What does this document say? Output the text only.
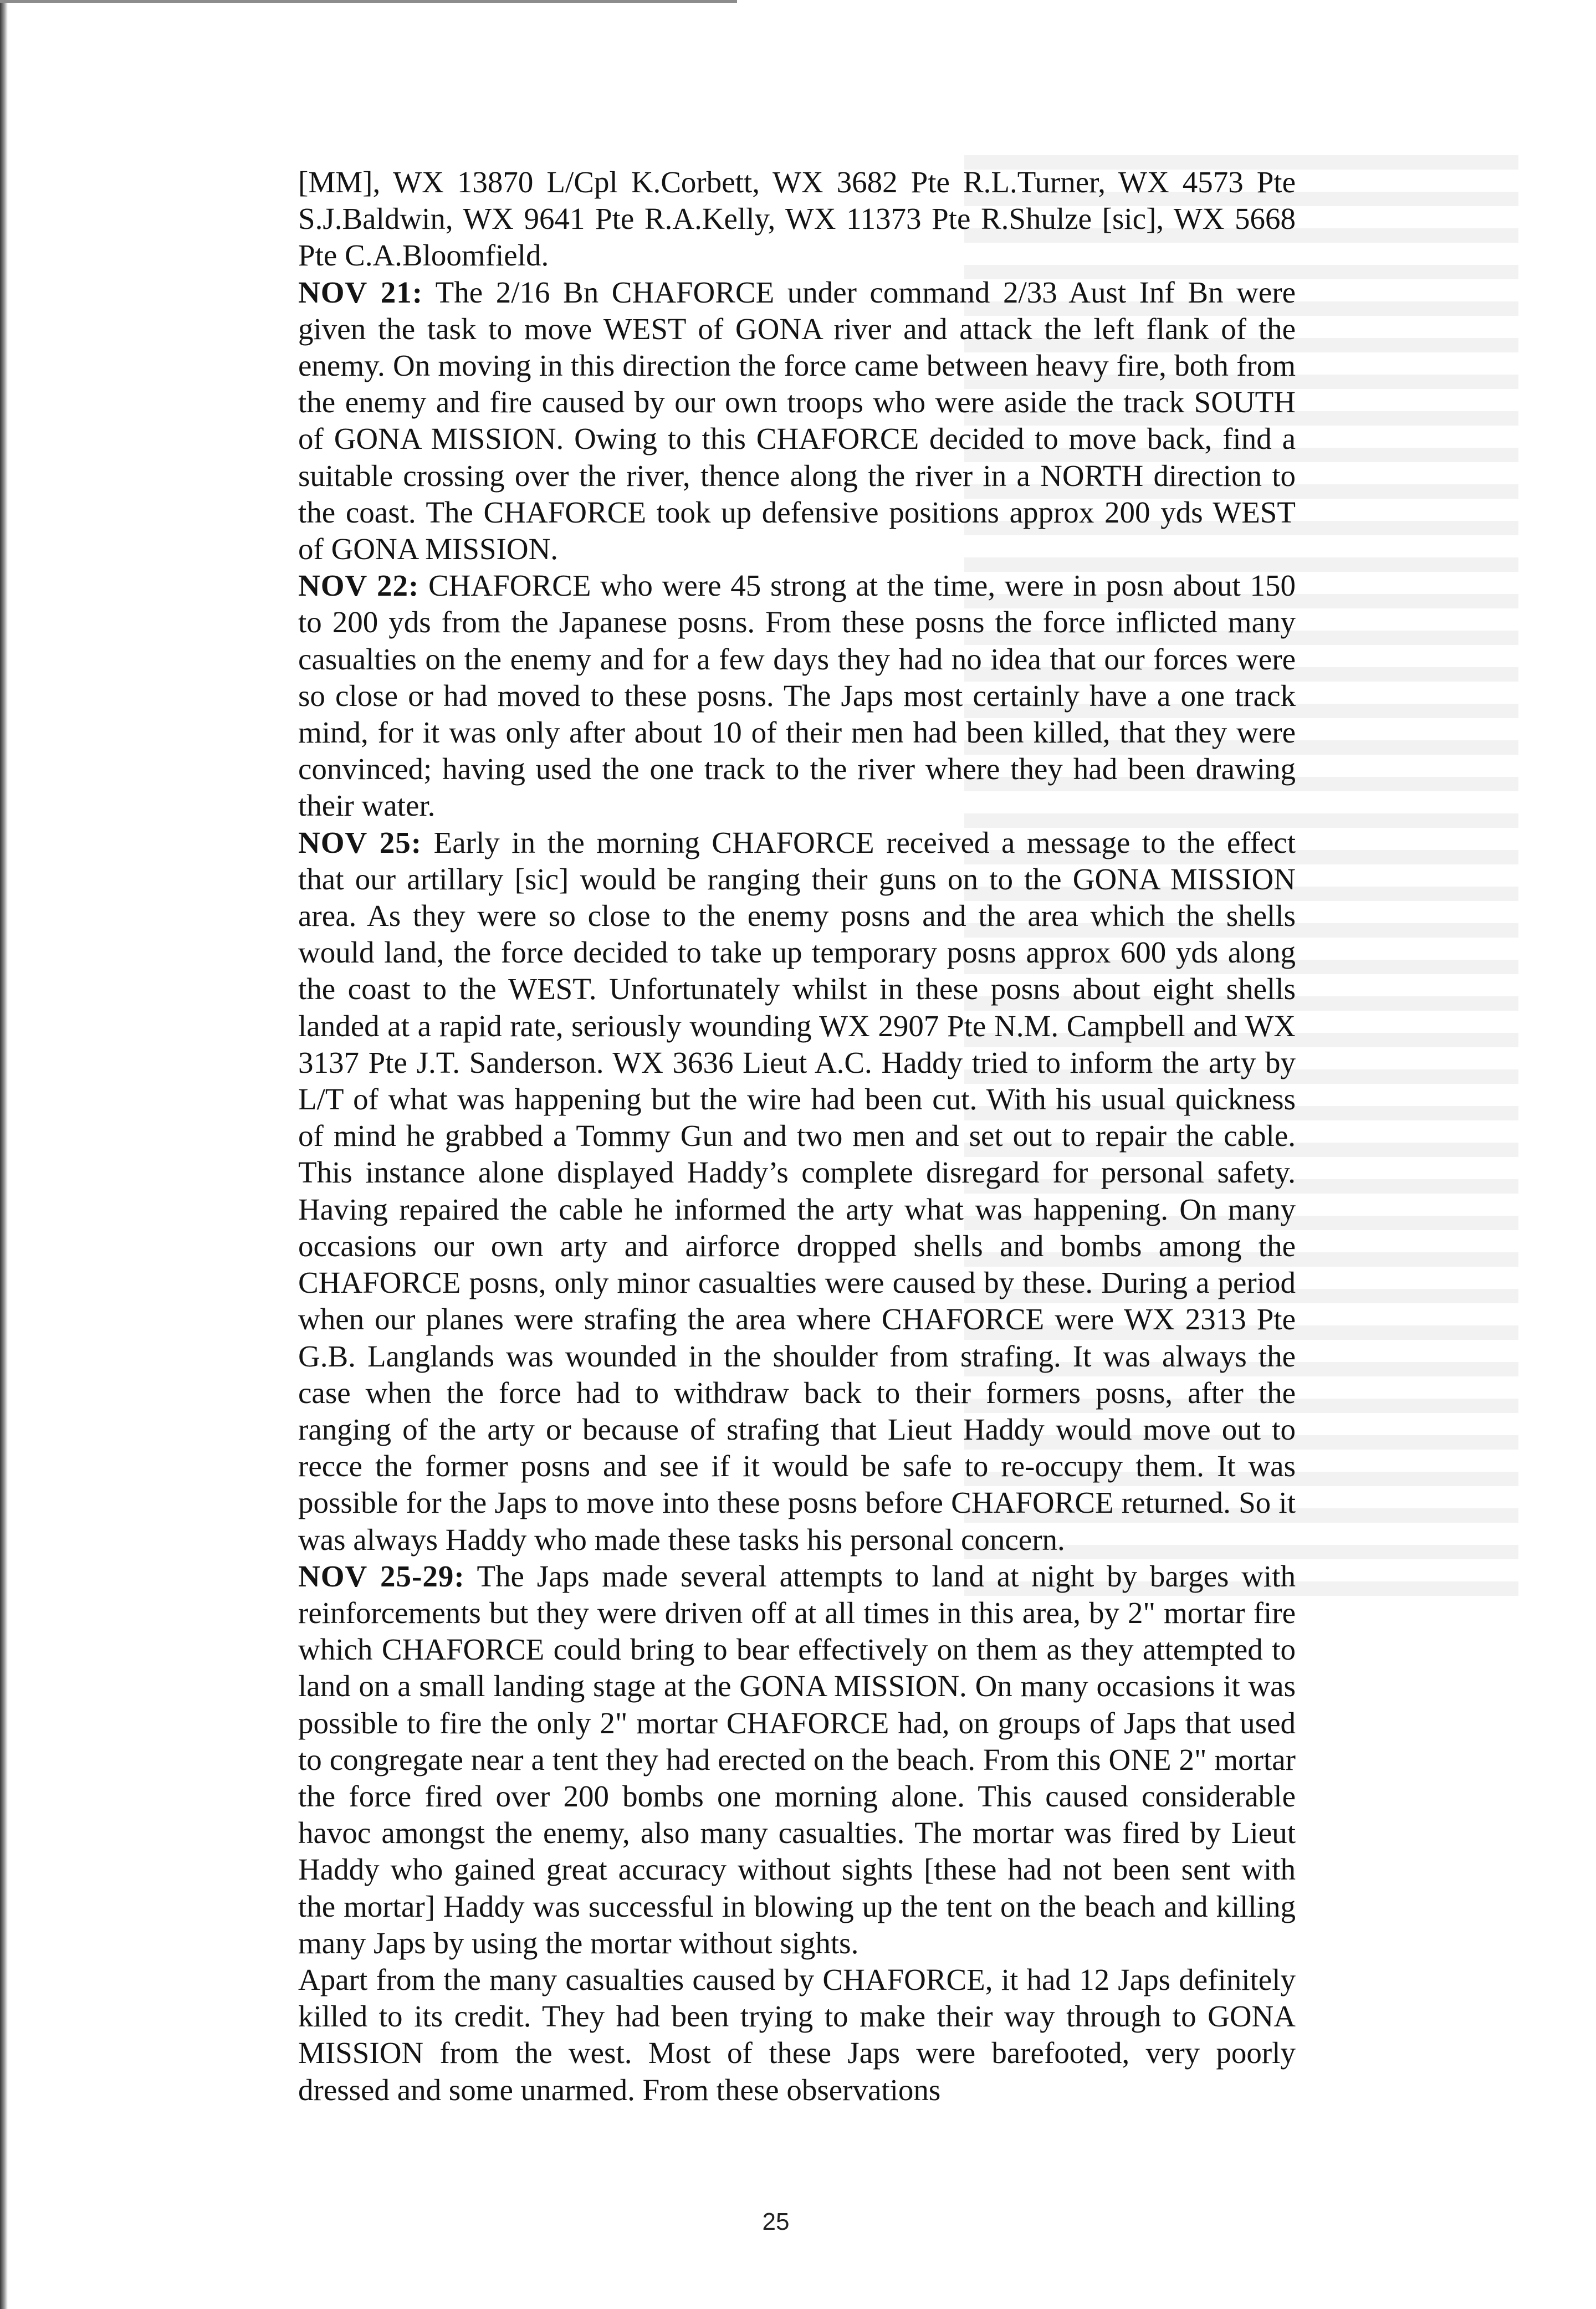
[MM], WX 13870 L/Cpl K.Corbett, WX 3682 Pte R.L.Turner, WX 4573 Pte S.J.Baldwin, WX 9641 Pte R.A.Kelly, WX 11373 Pte R.Shulze [sic], WX 5668 Pte C.A.Bloomfield.

NOV 21: The 2/16 Bn CHAFORCE under command 2/33 Aust Inf Bn were given the task to move WEST of GONA river and attack the left flank of the enemy. On moving in this direction the force came between heavy fire, both from the enemy and fire caused by our own troops who were aside the track SOUTH of GONA MISSION. Owing to this CHAFORCE decided to move back, find a suitable crossing over the river, thence along the river in a NORTH direction to the coast. The CHAFORCE took up defensive positions approx 200 yds WEST of GONA MISSION.

NOV 22: CHAFORCE who were 45 strong at the time, were in posn about 150 to 200 yds from the Japanese posns. From these posns the force inflicted many casualties on the enemy and for a few days they had no idea that our forces were so close or had moved to these posns. The Japs most certainly have a one track mind, for it was only after about 10 of their men had been killed, that they were convinced; having used the one track to the river where they had been drawing their water.

NOV 25: Early in the morning CHAFORCE received a message to the effect that our artillary [sic] would be ranging their guns on to the GONA MISSION area. As they were so close to the enemy posns and the area which the shells would land, the force decided to take up temporary posns approx 600 yds along the coast to the WEST. Unfortunately whilst in these posns about eight shells landed at a rapid rate, seriously wounding WX 2907 Pte N.M. Campbell and WX 3137 Pte J.T. Sanderson. WX 3636 Lieut A.C. Haddy tried to inform the arty by L/T of what was happening but the wire had been cut. With his usual quickness of mind he grabbed a Tommy Gun and two men and set out to repair the cable. This instance alone displayed Haddy’s complete disregard for personal safety. Having repaired the cable he informed the arty what was happening. On many occasions our own arty and airforce dropped shells and bombs among the CHAFORCE posns, only minor casualties were caused by these. During a period when our planes were strafing the area where CHAFORCE were WX 2313 Pte G.B. Langlands was wounded in the shoulder from strafing. It was always the case when the force had to withdraw back to their formers posns, after the ranging of the arty or because of strafing that Lieut Haddy would move out to recce the former posns and see if it would be safe to re-occupy them. It was possible for the Japs to move into these posns before CHAFORCE returned. So it was always Haddy who made these tasks his personal concern.

NOV 25-29: The Japs made several attempts to land at night by barges with reinforcements but they were driven off at all times in this area, by 2" mortar fire which CHAFORCE could bring to bear effectively on them as they attempted to land on a small landing stage at the GONA MISSION. On many occasions it was possible to fire the only 2" mortar CHAFORCE had, on groups of Japs that used to congregate near a tent they had erected on the beach. From this ONE 2" mortar the force fired over 200 bombs one morning alone. This caused considerable havoc amongst the enemy, also many casualties. The mortar was fired by Lieut Haddy who gained great accuracy without sights [these had not been sent with the mortar] Haddy was successful in blowing up the tent on the beach and killing many Japs by using the mortar without sights.

Apart from the many casualties caused by CHAFORCE, it had 12 Japs definitely killed to its credit. They had been trying to make their way through to GONA MISSION from the west. Most of these Japs were barefooted, very poorly dressed and some unarmed. From these observations

25
